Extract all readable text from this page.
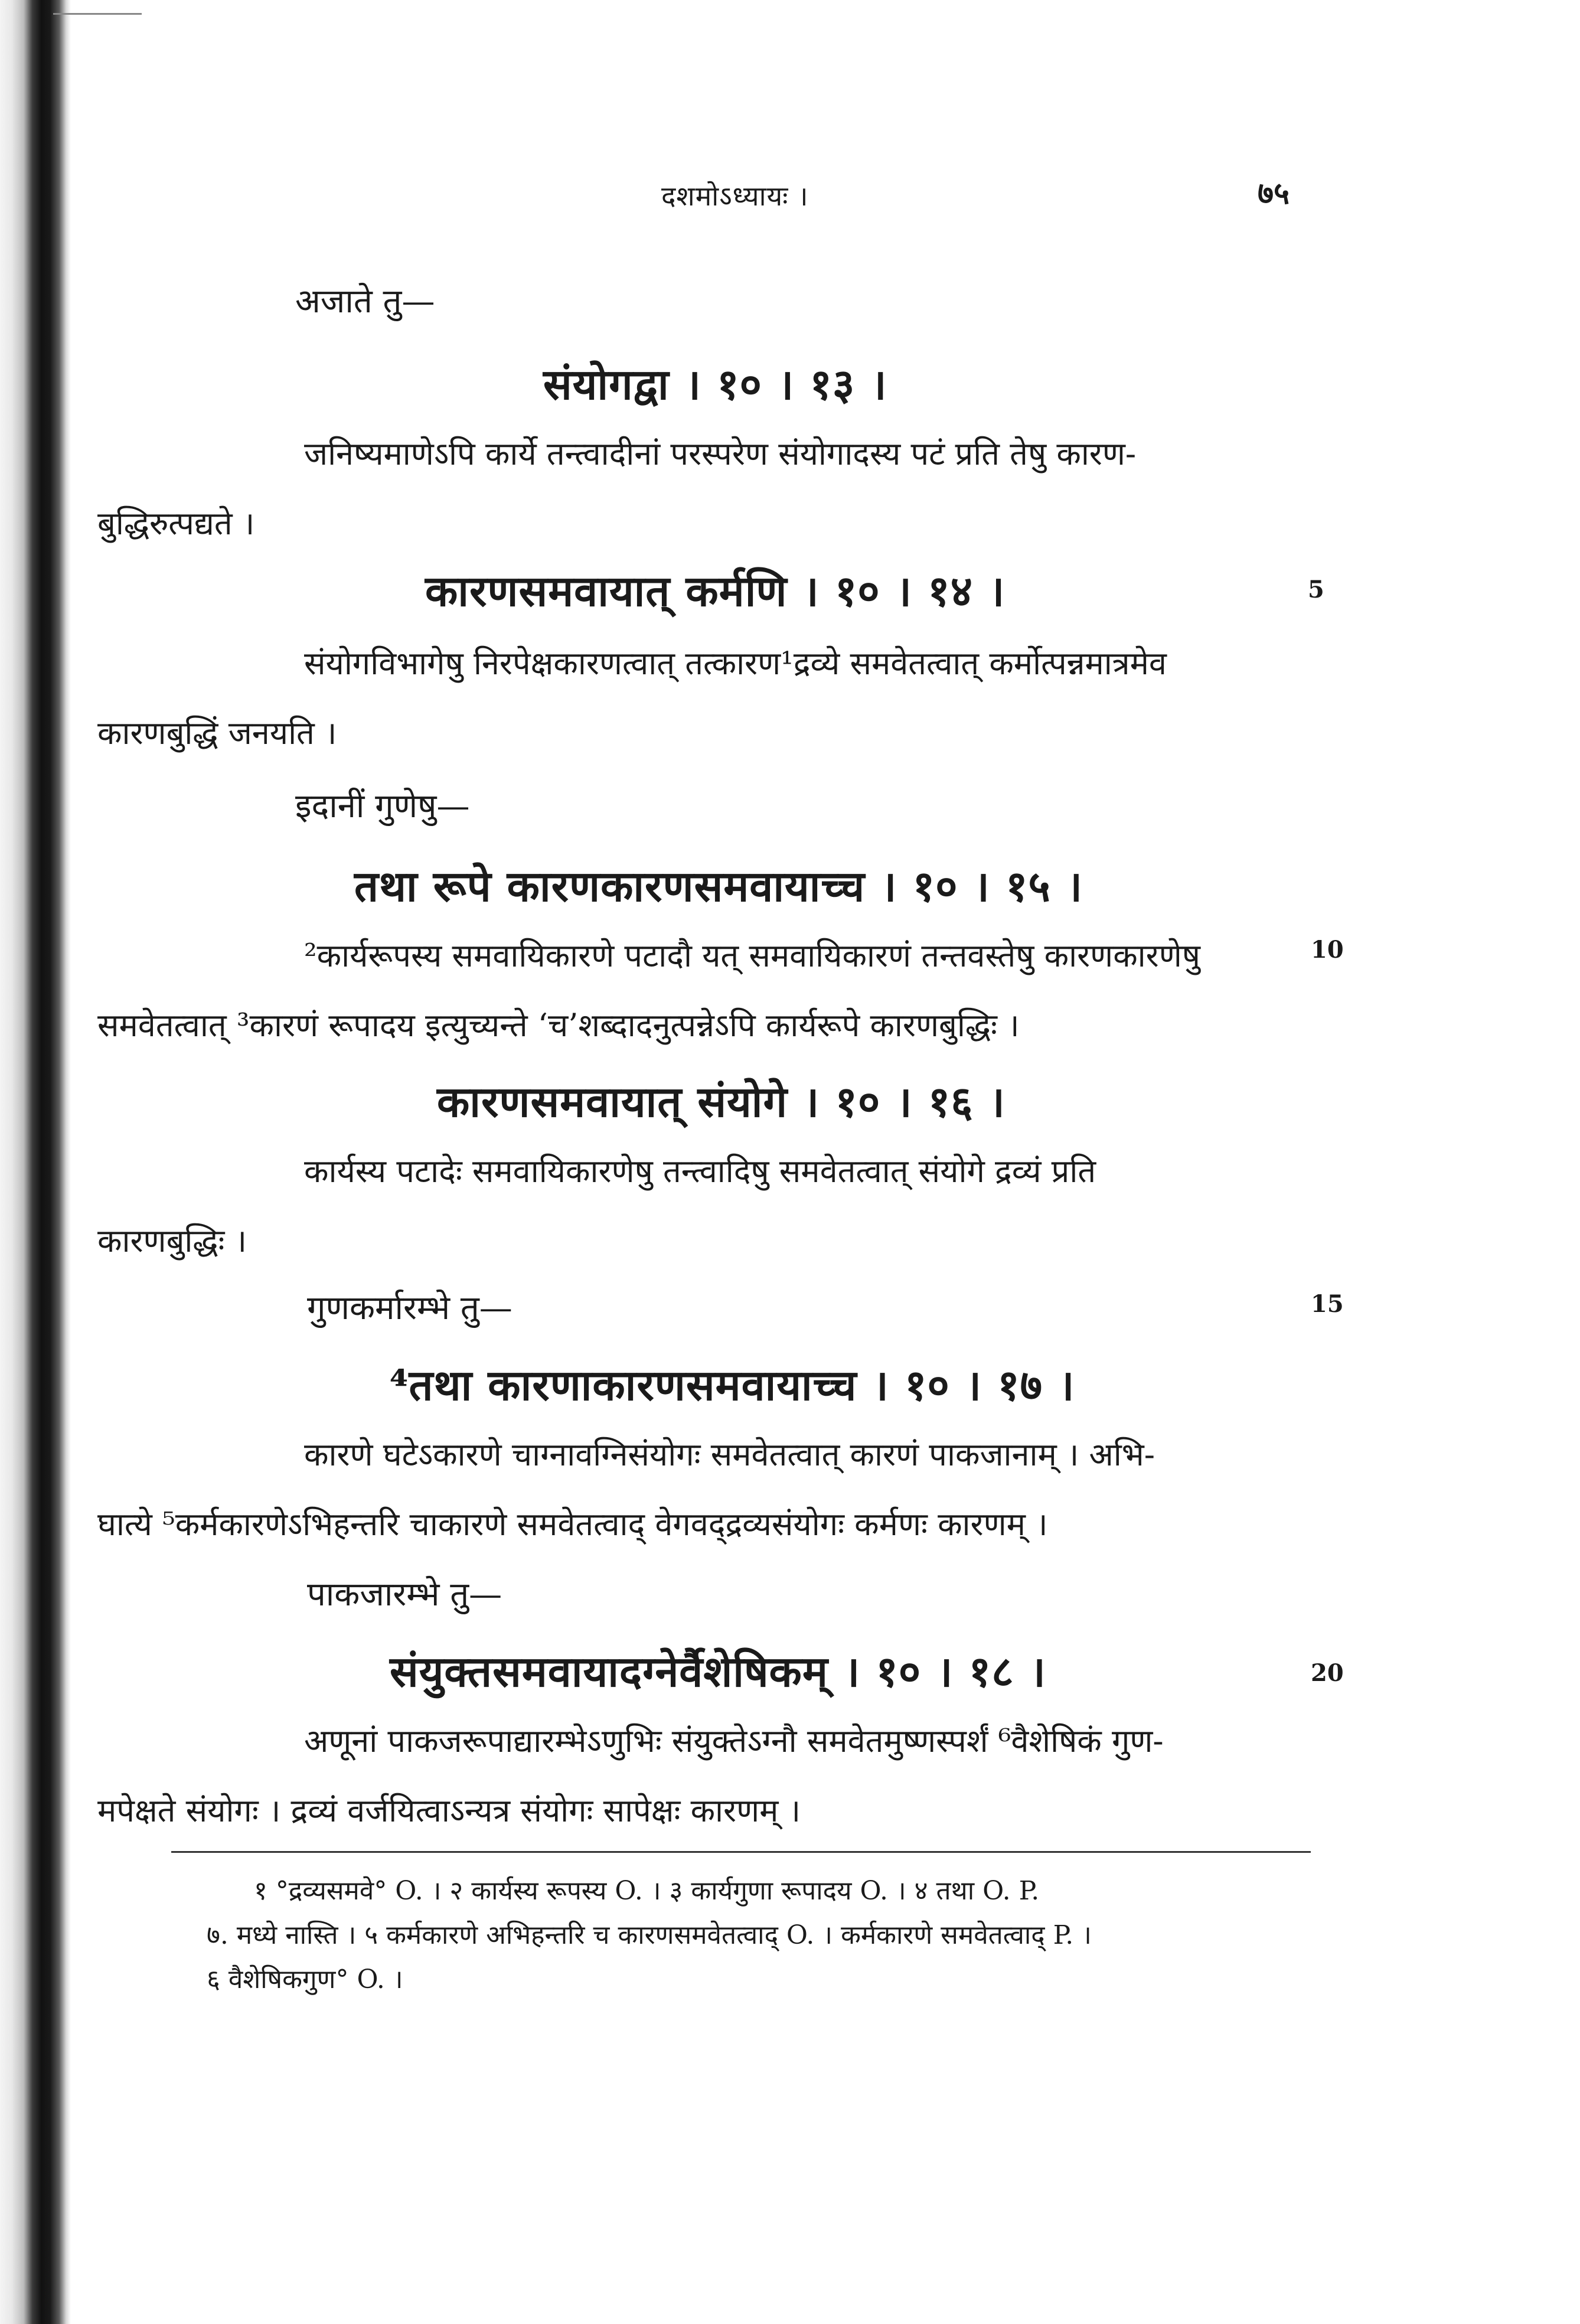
दशमोऽध्यायः ।	७५

अजाते तु—

संयोगद्वा । १० । १३ ।

जनिष्यमाणेऽपि कार्ये तन्त्वादीनां परस्परेण संयोगादस्य पटं प्रति तेषु कारण-
बुद्धिरुत्पद्यते ।

कारणसमवायात् कर्मणि । १० । १४ ।	5

संयोगविभागेषु निरपेक्षकारणत्वात् तत्कारण¹द्रव्ये समवेतत्वात् कर्मोत्पन्नमात्रमेव
कारणबुद्धिं जनयति ।

इदानीं गुणेषु—

तथा रूपे कारणकारणसमवायाच्च । १० । १५ ।

²कार्यरूपस्य समवायिकारणे पटादौ यत् समवायिकारणं तन्तवस्तेषु कारणकारणेषु
समवेतत्वात् ³कारणं रूपादय इत्युच्यन्ते ‘च’शब्दादनुत्पन्नेऽपि कार्यरूपे कारणबुद्धिः ।

10

कारणसमवायात् संयोगे । १० । १६ ।

कार्यस्य पटादेः समवायिकारणेषु तन्त्वादिषु समवेतत्वात् संयोगे द्रव्यं प्रति
कारणबुद्धिः ।

गुणकर्मारम्भे तु—	15

⁴तथा कारणाकारणसमवायाच्च । १० । १७ ।

कारणे घटेऽकारणे चाग्नावग्निसंयोगः समवेतत्वात् कारणं पाकजानाम् । अभि-
घात्ये ⁵कर्मकारणेऽभिहन्तरि चाकारणे समवेतत्वाद् वेगवद्द्रव्यसंयोगः कर्मणः कारणम् ।

पाकजारम्भे तु—

संयुक्तसमवायादग्नेर्वैशेषिकम् । १० । १८ ।	20

अणूनां पाकजरूपाद्यारम्भेऽणुभिः संयुक्तेऽग्नौ समवेतमुष्णस्पर्शं ⁶वैशेषिकं गुण-
मपेक्षते संयोगः । द्रव्यं वर्जयित्वाऽन्यत्र संयोगः सापेक्षः कारणम् ।

१ °द्रव्यसमवे° O. । २ कार्यस्य रूपस्य O. । ३ कार्यगुणा रूपादय O. । ४ तथा O. P.

७. मध्ये नास्ति । ५ कर्मकारणे अभिहन्तरि च कारणसमवेतत्वाद् O. । कर्मकारणे समवेतत्वाद् P. ।

६ वैशेषिकगुण° O. ।
